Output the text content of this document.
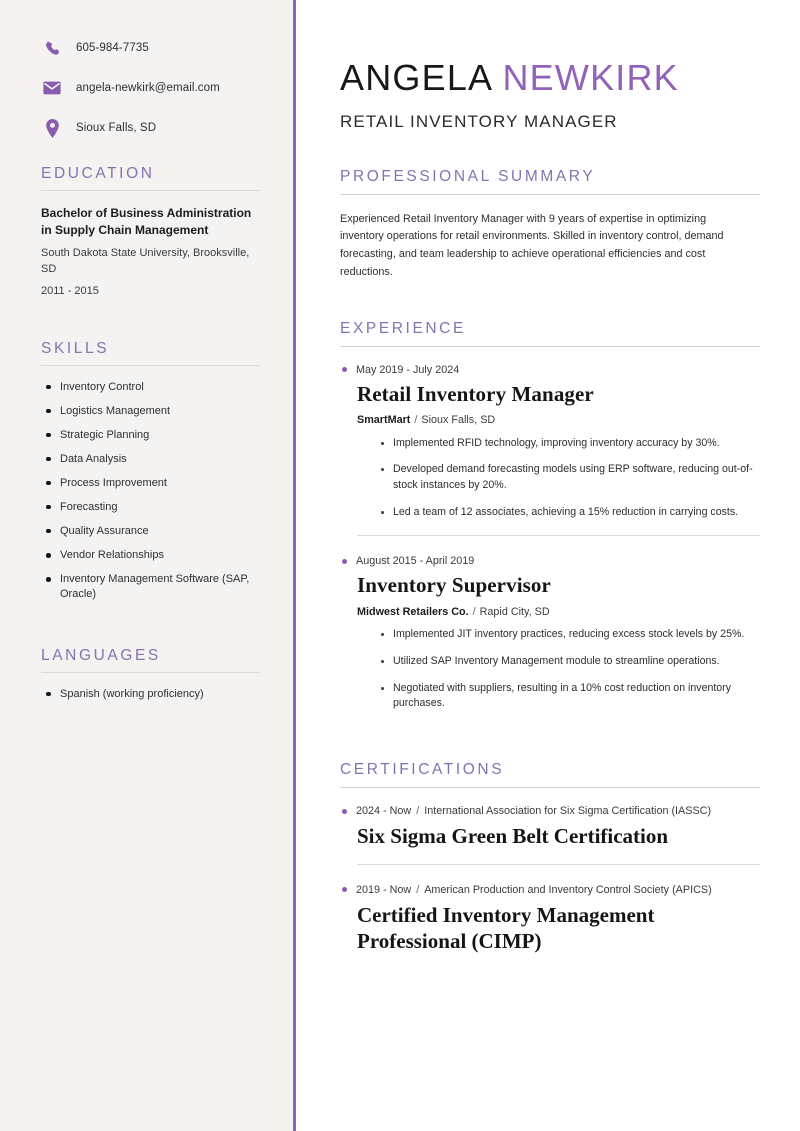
605-984-7735
angela-newkirk@email.com
Sioux Falls, SD
EDUCATION
Bachelor of Business Administration in Supply Chain Management
South Dakota State University, Brooksville, SD
2011 - 2015
SKILLS
Inventory Control
Logistics Management
Strategic Planning
Data Analysis
Process Improvement
Forecasting
Quality Assurance
Vendor Relationships
Inventory Management Software (SAP, Oracle)
LANGUAGES
Spanish (working proficiency)
ANGELA NEWKIRK
RETAIL INVENTORY MANAGER
PROFESSIONAL SUMMARY

Experienced Retail Inventory Manager with 9 years of expertise in optimizing inventory operations for retail environments. Skilled in inventory control, demand forecasting, and team leadership to achieve operational efficiencies and cost reductions.

EXPERIENCE
May 2019 - July 2024
Retail Inventory Manager
SmartMart / Sioux Falls, SD
Implemented RFID technology, improving inventory accuracy by 30%.
Developed demand forecasting models using ERP software, reducing out-of-stock instances by 20%.
Led a team of 12 associates, achieving a 15% reduction in carrying costs.
August 2015 - April 2019
Inventory Supervisor
Midwest Retailers Co. / Rapid City, SD
Implemented JIT inventory practices, reducing excess stock levels by 25%.
Utilized SAP Inventory Management module to streamline operations.
Negotiated with suppliers, resulting in a 10% cost reduction on inventory purchases.
CERTIFICATIONS
2024 - Now / International Association for Six Sigma Certification (IASSC)
Six Sigma Green Belt Certification
2019 - Now / American Production and Inventory Control Society (APICS)
Certified Inventory Management Professional (CIMP)
